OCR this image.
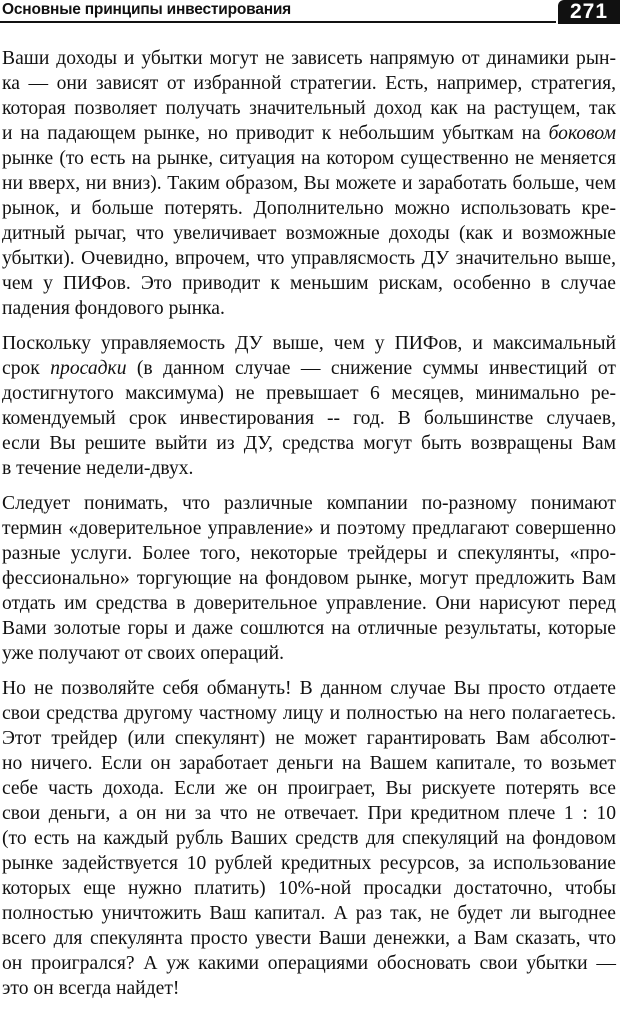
Основные принципы инвестирования	271
Ваши доходы и убытки могут не зависеть напрямую от динамики рын-
ка — они зависят от избранной стратегии. Есть, например, стратегия,
которая позволяет получать значительный доход как на растущем, так
и на падающем рынке, но приводит к небольшим убыткам на боковом
рынке (то есть на рынке, ситуация на котором существенно не меняется
ни вверх, ни вниз). Таким образом, Вы можете и заработать больше, чем
рынок, и больше потерять. Дополнительно можно использовать кре-
дитный рычаг, что увеличивает возможные доходы (как и возможные
убытки). Очевидно, впрочем, что управлясмость ДУ значительно выше,
чем у ПИФов. Это приводит к меньшим рискам, особенно в случае
падения фондового рынка.
Поскольку управляемость ДУ выше, чем у ПИФов, и максимальный
срок просадки (в данном случае — снижение суммы инвестиций от
достигнутого максимума) не превышает 6 месяцев, минимально ре-
комендуемый срок инвестирования -- год. В большинстве случаев,
если Вы решите выйти из ДУ, средства могут быть возвращены Вам
в течение недели-двух.
Следует понимать, что различные компании по-разному понимают
термин «доверительное управление» и поэтому предлагают совершенно
разные услуги. Более того, некоторые трейдеры и спекулянты, «про-
фессионально» торгующие на фондовом рынке, могут предложить Вам
отдать им средства в доверительное управление. Они нарисуют перед
Вами золотые горы и даже сошлются на отличные результаты, которые
уже получают от своих операций.
Но не позволяйте себя обмануть! В данном случае Вы просто отдаете
свои средства другому частному лицу и полностью на него полагаетесь.
Этот трейдер (или спекулянт) не может гарантировать Вам абсолют-
но ничего. Если он заработает деньги на Вашем капитале, то возьмет
себе часть дохода. Если же он проиграет, Вы рискуете потерять все
свои деньги, а он ни за что не отвечает. При кредитном плече 1 : 10
(то есть на каждый рубль Ваших средств для спекуляций на фондовом
рынке задействуется 10 рублей кредитных ресурсов, за использование
которых еще нужно платить) 10%-ной просадки достаточно, чтобы
полностью уничтожить Ваш капитал. А раз так, не будет ли выгоднее
всего для спекулянта просто увести Ваши денежки, а Вам сказать, что
он проигрался? А уж какими операциями обосновать свои убытки —
это он всегда найдет!
